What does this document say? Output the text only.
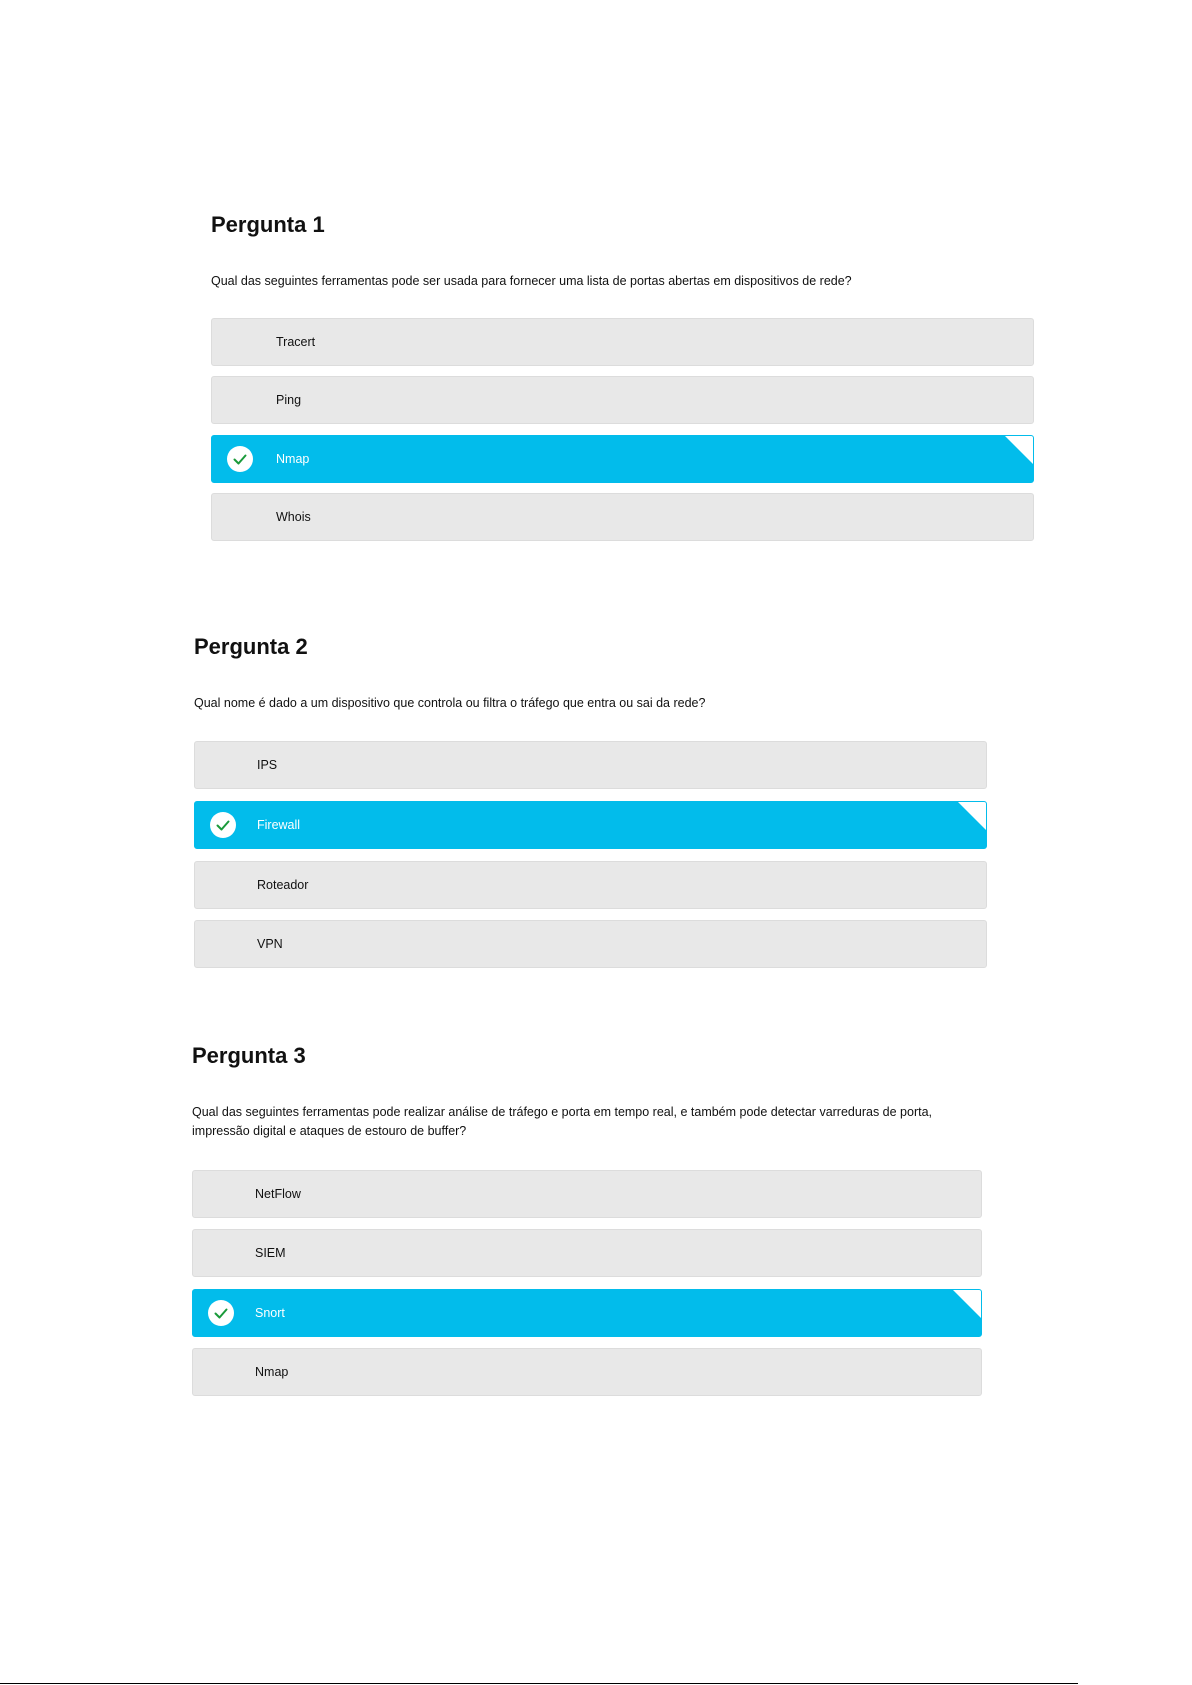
Pergunta 1

Qual das seguintes ferramentas pode ser usada para fornecer uma lista de portas abertas em dispositivos de rede?

Tracert
Ping
Nmap
Whois
Pergunta 2

Qual nome é dado a um dispositivo que controla ou filtra o tráfego que entra ou sai da rede?

IPS
Firewall
Roteador
VPN
Pergunta 3

Qual das seguintes ferramentas pode realizar análise de tráfego e porta em tempo real, e também pode detectar varreduras de porta,

impressão digital e ataques de estouro de buffer?

NetFlow
SIEM
Snort
Nmap
